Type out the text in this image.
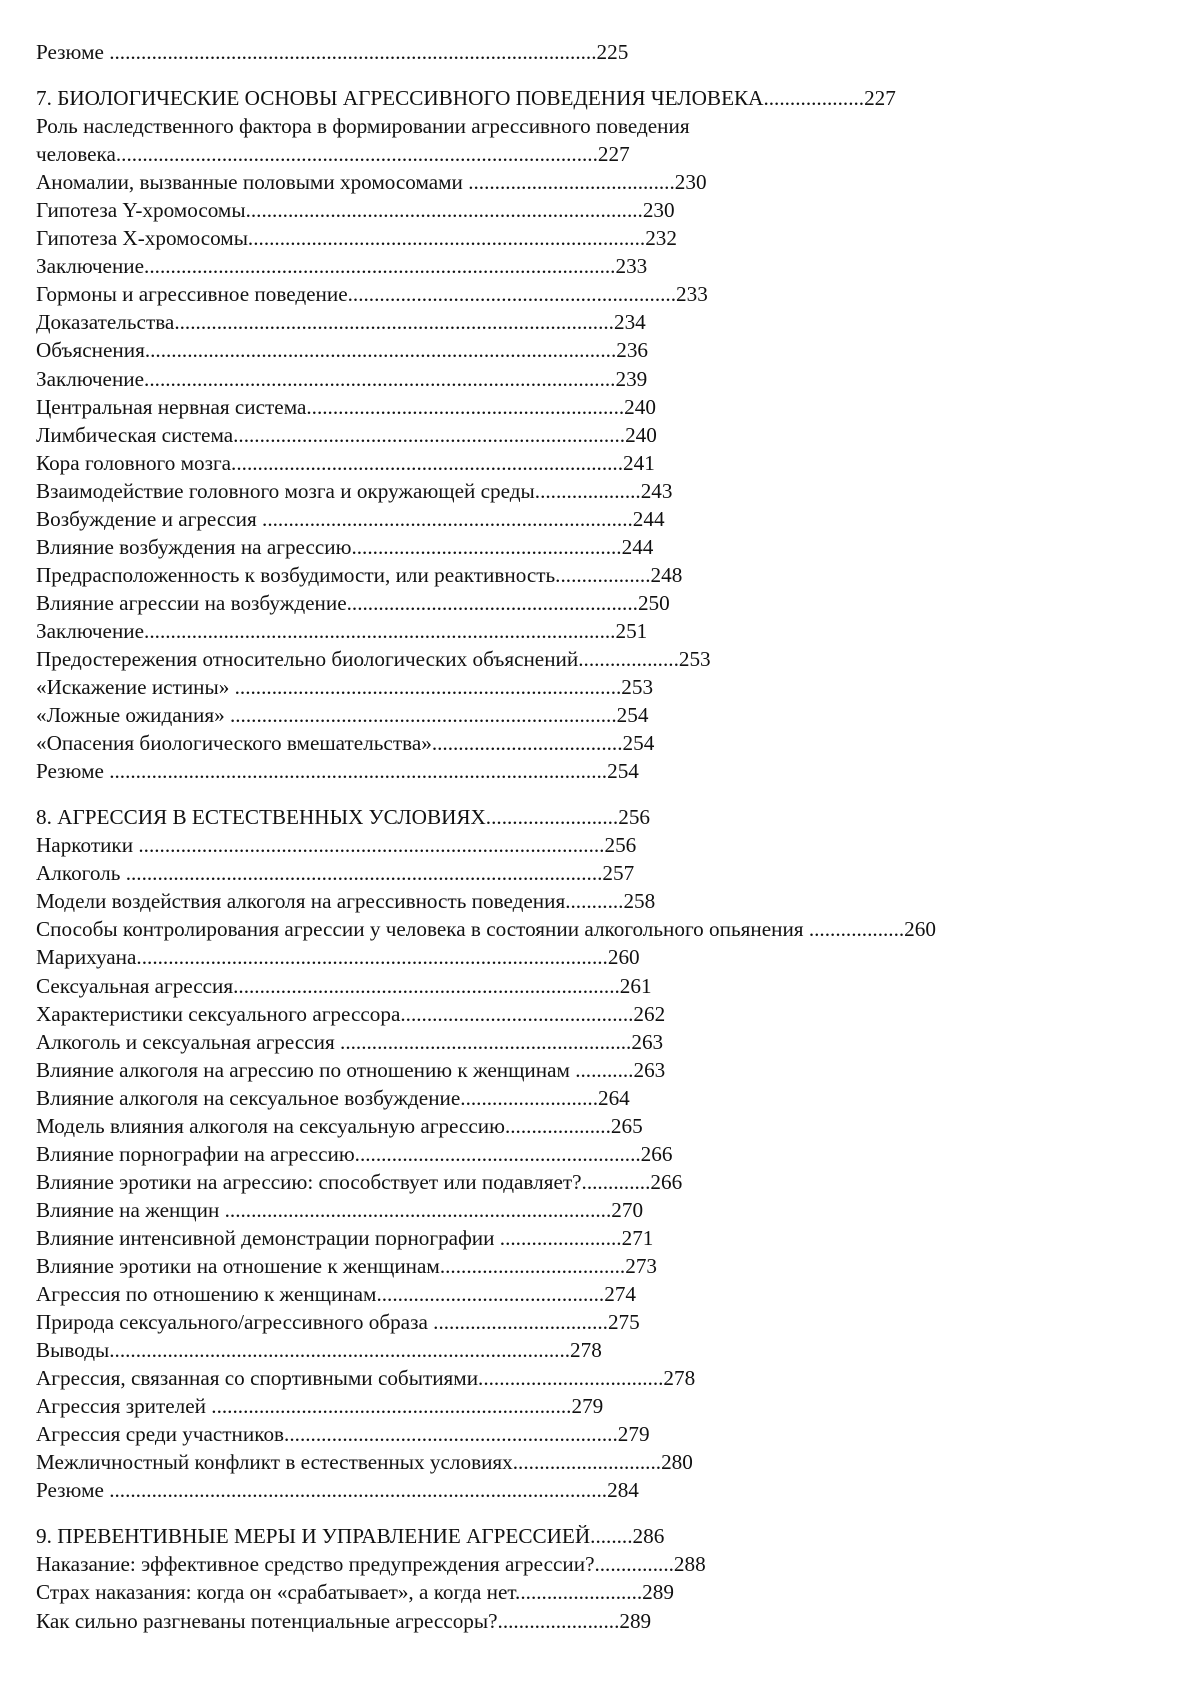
Резюме ............................................................................................225
7. БИОЛОГИЧЕСКИЕ ОСНОВЫ АГРЕССИВНОГО ПОВЕДЕНИЯ ЧЕЛОВЕКА...................227
Роль наследственного фактора в формировании агрессивного поведения
человека...........................................................................................227
Аномалии, вызванные половыми хромосомами .......................................230
Гипотеза Y-хромосомы...........................................................................230
Гипотеза X-хромосомы...........................................................................232
Заключение.........................................................................................233
Гормоны и агрессивное поведение..............................................................233
Доказательства...................................................................................234
Объяснения.........................................................................................236
Заключение.........................................................................................239
Центральная нервная система............................................................240
Лимбическая система..........................................................................240
Кора головного мозга..........................................................................241
Взаимодействие головного мозга и окружающей среды....................243
Возбуждение и агрессия ......................................................................244
Влияние возбуждения на агрессию...................................................244
Предрасположенность к возбудимости, или реактивность..................248
Влияние агрессии на возбуждение.......................................................250
Заключение.........................................................................................251
Предостережения относительно биологических объяснений...................253
«Искажение истины» .........................................................................253
«Ложные ожидания» .........................................................................254
«Опасения биологического вмешательства»....................................254
Резюме ..............................................................................................254
8. АГРЕССИЯ В ЕСТЕСТВЕННЫХ УСЛОВИЯХ.........................256
Наркотики ........................................................................................256
Алкоголь ..........................................................................................257
Модели воздействия алкоголя на агрессивность поведения...........258
Способы контролирования агрессии у человека в состоянии алкогольного опьянения ..................260
Марихуана.........................................................................................260
Сексуальная агрессия.........................................................................261
Характеристики сексуального агрессора............................................262
Алкоголь и сексуальная агрессия .......................................................263
Влияние алкоголя на агрессию по отношению к женщинам ...........263
Влияние алкоголя на сексуальное возбуждение..........................264
Модель влияния алкоголя на сексуальную агрессию....................265
Влияние порнографии на агрессию......................................................266
Влияние эротики на агрессию: способствует или подавляет?.............266
Влияние на женщин .........................................................................270
Влияние интенсивной демонстрации порнографии .......................271
Влияние эротики на отношение к женщинам...................................273
Агрессия по отношению к женщинам...........................................274
Природа сексуального/агрессивного образа .................................275
Выводы.......................................................................................278
Агрессия, связанная со спортивными событиями...................................278
Агрессия зрителей ....................................................................279
Агрессия среди участников...............................................................279
Межличностный конфликт в естественных условиях............................280
Резюме ..............................................................................................284
9. ПРЕВЕНТИВНЫЕ МЕРЫ И УПРАВЛЕНИЕ АГРЕССИЕЙ........286
Наказание: эффективное средство предупреждения агрессии?...............288
Страх наказания: когда он «срабатывает», а когда нет........................289
Как сильно разгневаны потенциальные агрессоры?.......................289
